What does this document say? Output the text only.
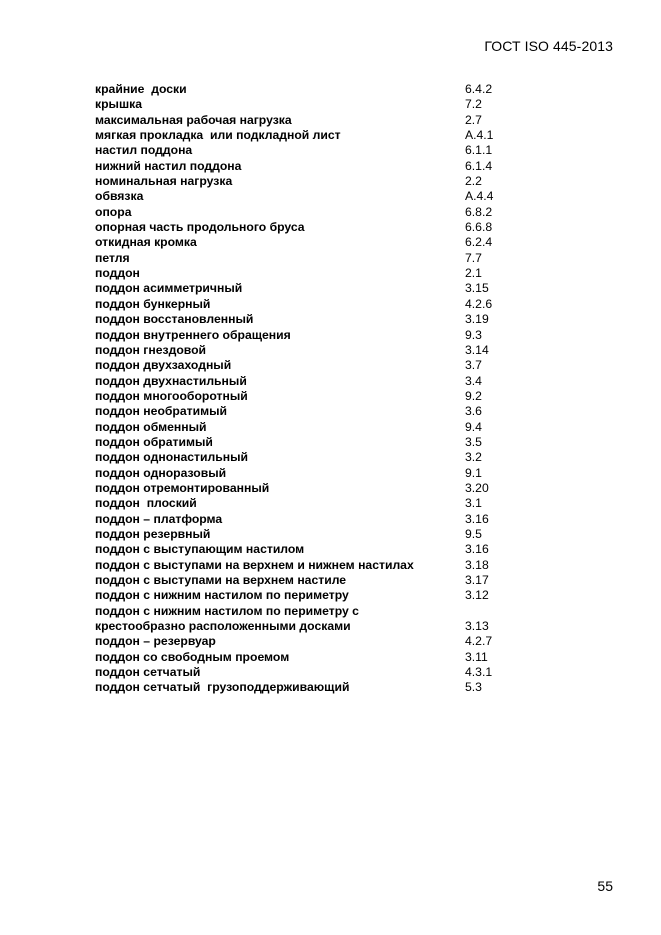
ГОСТ ISO 445-2013
крайние  доски	6.4.2
крышка	7.2
максимальная рабочая нагрузка	2.7
мягкая прокладка  или подкладной лист	А.4.1
настил поддона	6.1.1
нижний настил поддона	6.1.4
номинальная нагрузка	2.2
обвязка	А.4.4
опора	6.8.2
опорная часть продольного бруса	6.6.8
откидная кромка	6.2.4
петля	7.7
поддон	2.1
поддон асимметричный	3.15
поддон бункерный	4.2.6
поддон восстановленный	3.19
поддон внутреннего обращения	9.3
поддон гнездовой	3.14
поддон двухзаходный	3.7
поддон двухнастильный	3.4
поддон многооборотный	9.2
поддон необратимый	3.6
поддон обменный	9.4
поддон обратимый	3.5
поддон однонастильный	3.2
поддон одноразовый	9.1
поддон отремонтированный	3.20
поддон  плоский	3.1
поддон – платформа	3.16
поддон резервный	9.5
поддон с выступающим настилом	3.16
поддон с выступами на верхнем и нижнем настилах	3.18
поддон с выступами на верхнем настиле	3.17
поддон с нижним настилом по периметру	3.12
поддон с нижним настилом по периметру с
крестообразно расположенными досками	3.13
поддон – резервуар	4.2.7
поддон со свободным проемом	3.11
поддон сетчатый	4.3.1
поддон сетчатый  грузоподдерживающий	5.3
55
